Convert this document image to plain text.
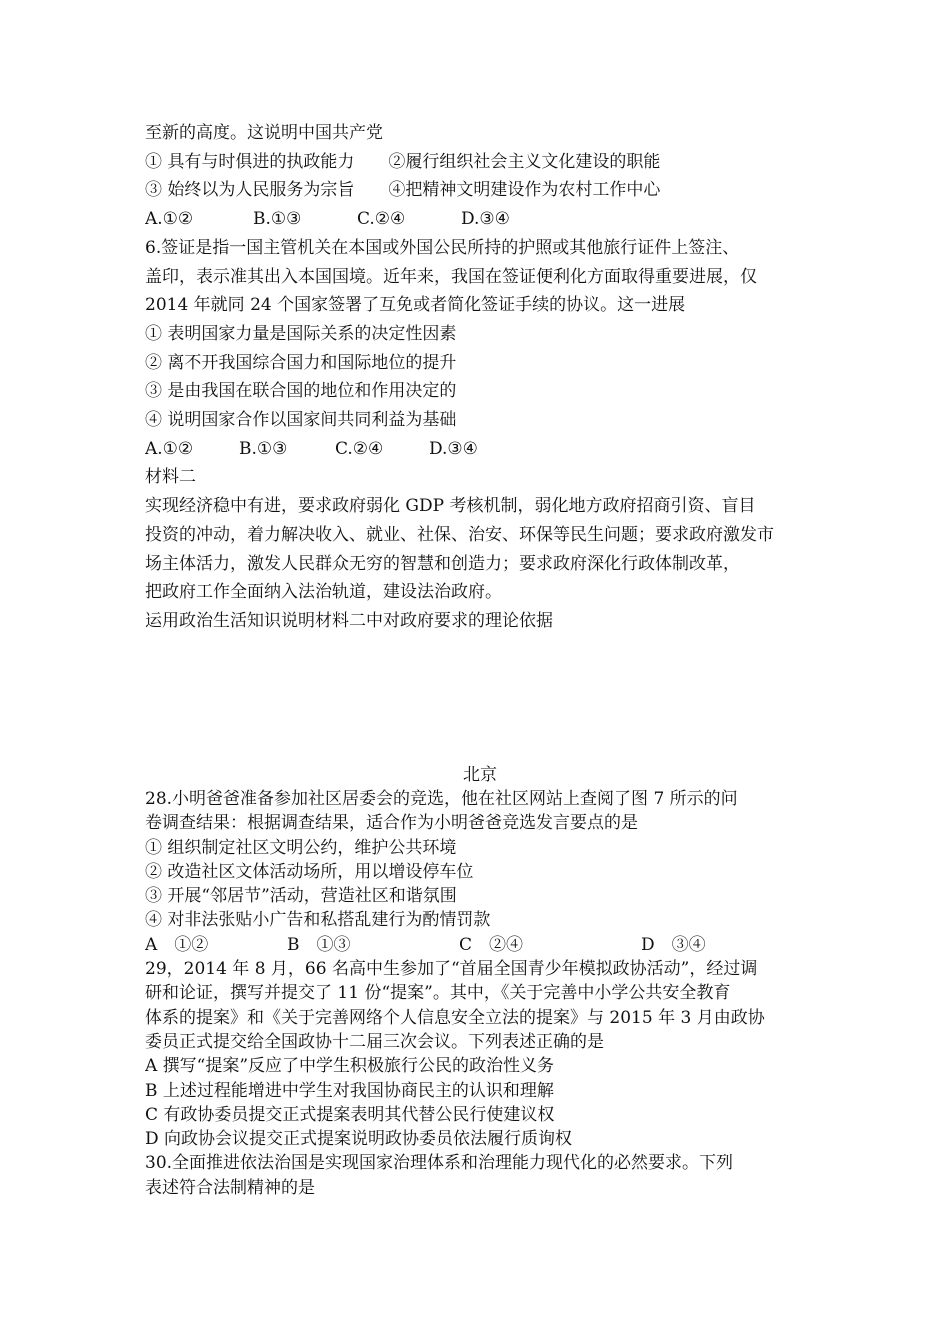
至新的高度。这说明中国共产党
① 具有与时俱进的执政能力　　②履行组织社会主义文化建设的职能
③ 始终以为人民服务为宗旨　　④把精神文明建设作为农村工作中心
A.①②	B.①③	C.②④	D.③④
6.签证是指一国主管机关在本国或外国公民所持的护照或其他旅行证件上签注、
盖印，表示准其出入本国国境。近年来，我国在签证便利化方面取得重要进展，仅
2014 年就同 24 个国家签署了互免或者简化签证手续的协议。这一进展
① 表明国家力量是国际关系的决定性因素
② 离不开我国综合国力和国际地位的提升
③ 是由我国在联合国的地位和作用决定的
④ 说明国家合作以国家间共同利益为基础
A.①②	B.①③	C.②④	D.③④
材料二
实现经济稳中有进，要求政府弱化 GDP 考核机制，弱化地方政府招商引资、盲目
投资的冲动，着力解决收入、就业、社保、治安、环保等民生问题；要求政府激发市
场主体活力，激发人民群众无穷的智慧和创造力；要求政府深化行政体制改革，
把政府工作全面纳入法治轨道，建设法治政府。
运用政治生活知识说明材料二中对政府要求的理论依据
北京
28.小明爸爸准备参加社区居委会的竞选，他在社区网站上查阅了图 7 所示的问
卷调查结果：根据调查结果，适合作为小明爸爸竞选发言要点的是
① 组织制定社区文明公约，维护公共环境
② 改造社区文体活动场所，用以增设停车位
③ 开展“邻居节”活动，营造社区和谐氛围
④ 对非法张贴小广告和私搭乱建行为酌情罚款
A　①②	B　①③	C　②④	D　③④
29，2014 年 8 月，66 名高中生参加了“首届全国青少年模拟政协活动”，经过调
研和论证，撰写并提交了 11 份“提案”。其中，《关于完善中小学公共安全教育
体系的提案》和《关于完善网络个人信息安全立法的提案》与 2015 年 3 月由政协
委员正式提交给全国政协十二届三次会议。下列表述正确的是
A 撰写“提案”反应了中学生积极旅行公民的政治性义务
B 上述过程能增进中学生对我国协商民主的认识和理解
C 有政协委员提交正式提案表明其代替公民行使建议权
D 向政协会议提交正式提案说明政协委员依法履行质询权
30.全面推进依法治国是实现国家治理体系和治理能力现代化的必然要求。下列
表述符合法制精神的是
